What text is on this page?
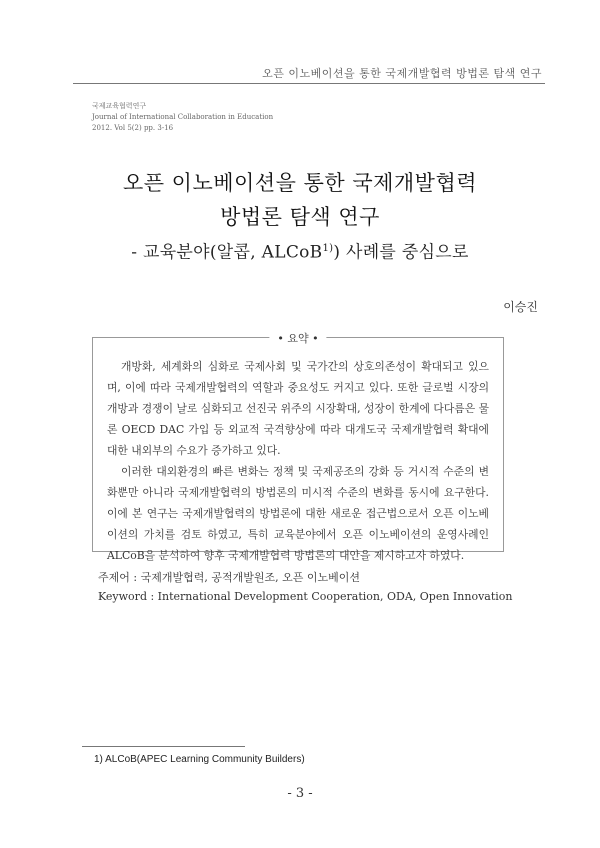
오픈 이노베이션을 통한 국제개발협력 방법론 탐색 연구
국제교육협력연구
Journal of International Collaboration in Education
2012. Vol 5(2) pp. 3-16
오픈 이노베이션을 통한 국제개발협력
방법론 탐색 연구
- 교육분야(알콥, ALCoB$^{1)}$) 사례를 중심으로
이승진
• 요약 •

개방화, 세계화의 심화로 국제사회 및 국가간의 상호의존성이 확대되고 있으며, 이에 따라 국제개발협력의 역할과 중요성도 커지고 있다. 또한 글로벌 시장의 개방과 경쟁이 날로 심화되고 선진국 위주의 시장확대, 성장이 한계에 다다름은 물론 OECD DAC 가입 등 외교적 국격향상에 따라 대개도국 국제개발협력 확대에 대한 내외부의 수요가 증가하고 있다.

이러한 대외환경의 빠른 변화는 정책 및 국제공조의 강화 등 거시적 수준의 변화뿐만 아니라 국제개발협력의 방법론의 미시적 수준의 변화를 동시에 요구한다. 이에 본 연구는 국제개발협력의 방법론에 대한 새로운 접근법으로서 오픈 이노베이션의 가치를 검토 하였고, 특히 교육분야에서 오픈 이노베이션의 운영사례인 ALCoB을 분석하여 향후 국제개발협력 방법론의 대안을 제시하고자 하였다.

주제어 : 국제개발협력, 공적개발원조, 오픈 이노베이션
Keyword : International Development Cooperation, ODA, Open Innovation
1) ALCoB(APEC Learning Community Builders)
- 3 -
